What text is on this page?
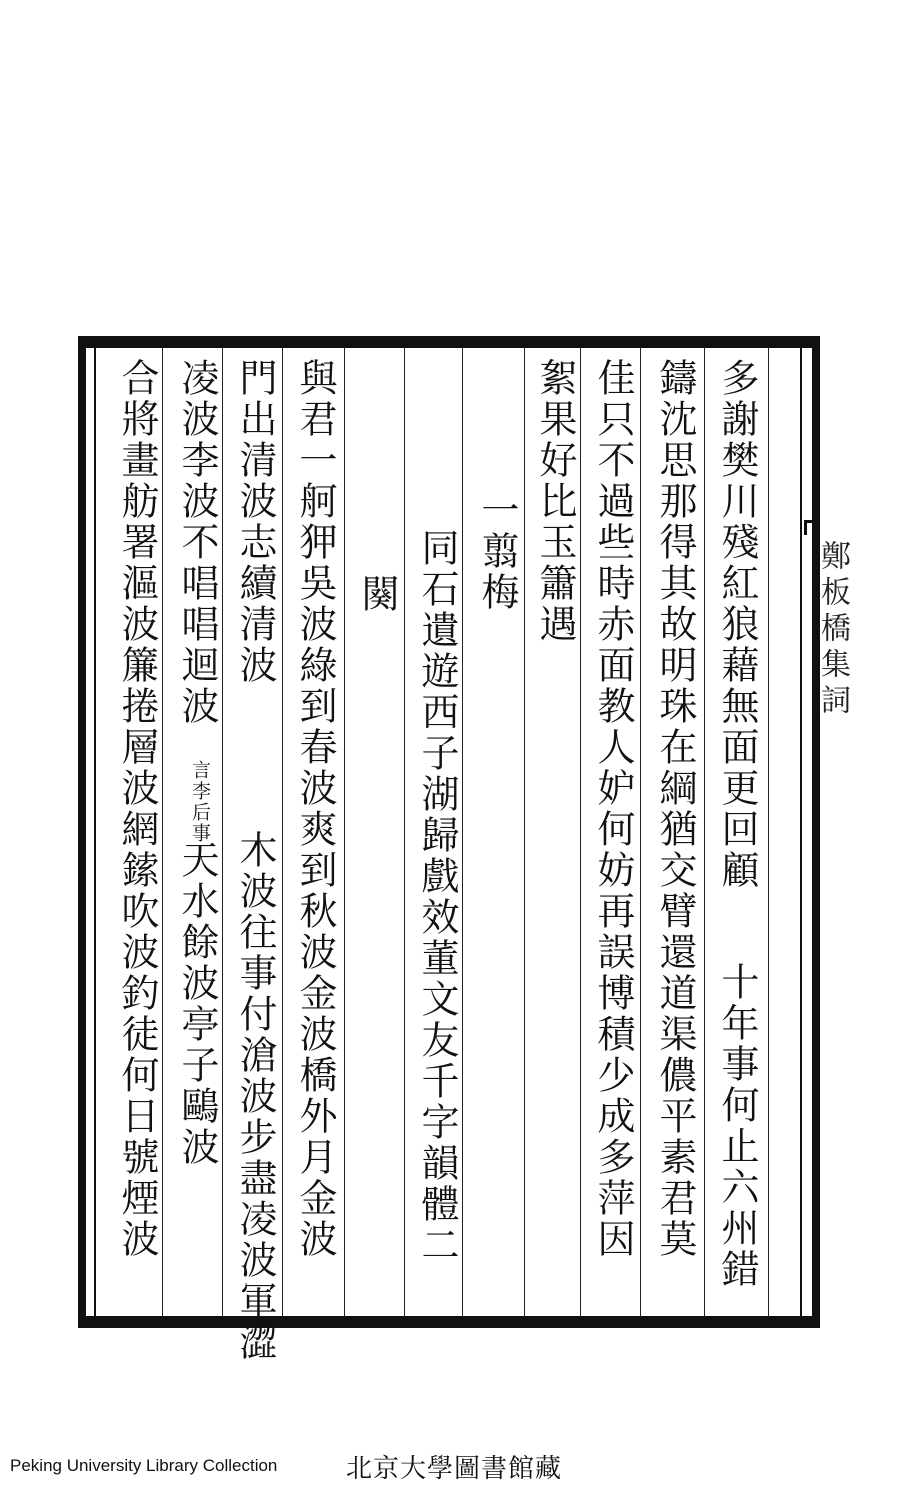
鄭板橋集詞
多謝樊川殘紅狼藉無面更回顧
十年事何止六州錯
鑄沈思那得其故明珠在綱猶交臂還道渠儂平素君莫
佳只不過些時赤面教人妒何妨再誤博積少成多萍因
絮果好比玉簫遇
一翦梅
同石遺遊西子湖歸戲效董文友千字韻體二
闋
與君一舸狎吳波綠到春波爽到秋波金波橋外月金波
門出清波志續清波
木波往事付滄波步盡凌波軍澀
凌波李波不唱唱迴波
言李后事
天水餘波亭子鷗波
合將畫舫署漚波簾捲層波網鎍吹波釣徒何日號煙波
Peking University Library Collection	北京大學圖書館藏
